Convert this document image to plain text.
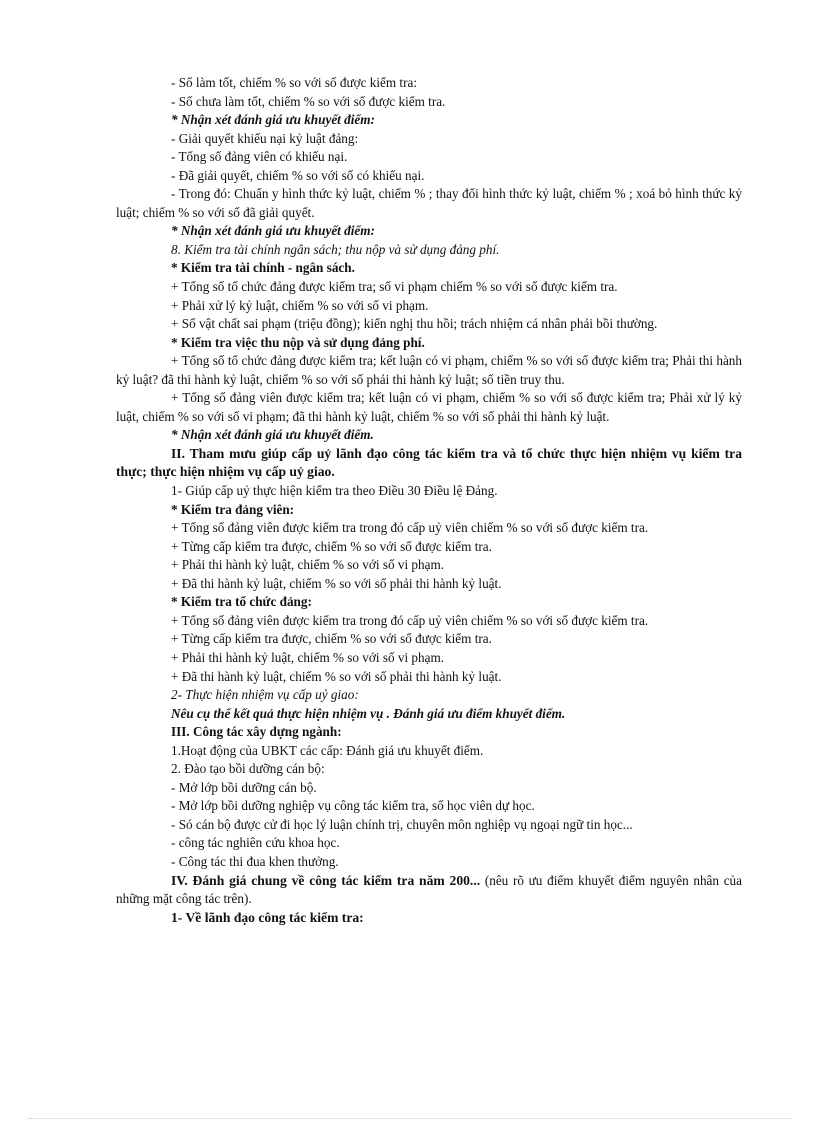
- Số làm tốt, chiếm % so với số được kiểm tra:

- Số chưa làm tốt, chiếm % so với số được kiểm tra.

* Nhận xét đánh giá ưu khuyết điểm:

- Giải quyết khiếu nại kỷ luật đảng:

- Tổng số đảng viên có khiếu nại.

- Đã giải quyết, chiếm % so với số có khiếu nại.

- Trong đó: Chuẩn y hình thức kỷ luật, chiếm % ; thay đổi hình thức kỷ luật, chiếm % ; xoá bỏ hình thức kỷ luật; chiếm % so với số đã giải quyết.

* Nhận xét đánh giá ưu khuyết điểm:

8. Kiểm tra tài chính ngân sách; thu nộp và sử dụng đảng phí.

* Kiểm tra tài chính - ngân sách.

+ Tổng số tổ chức đảng được kiểm tra; số vi phạm chiếm % so với số được kiểm tra.

+ Phải xử lý kỷ luật, chiếm % so với số vi phạm.

+ Số vật chất sai phạm (triệu đồng); kiến nghị thu hồi; trách nhiệm cá nhân phải bồi thường.

* Kiểm tra việc thu nộp và sử dụng đảng phí.

+ Tổng số tổ chức đảng được kiểm tra; kết luận có vi phạm, chiếm % so với số được kiểm tra; Phải thi hành kỷ luật? đã thi hành kỷ luật, chiếm % so với số phải thi hành kỷ luật; số tiền truy thu.

+ Tổng số đảng viên được kiểm tra; kết luận có vi phạm, chiếm % so với số được kiểm tra; Phải xử lý kỷ luật, chiếm % so với số vi phạm; đã thi hành kỷ luật, chiếm % so với số phải thi hành kỷ luật.

* Nhận xét đánh giá ưu khuyết điểm.

II. Tham mưu giúp cấp uỷ lãnh đạo công tác kiểm tra và tổ chức thực hiện nhiệm vụ kiểm tra thực; thực hiện nhiệm vụ cấp uỷ giao.

1- Giúp cấp uỷ thực hiện kiểm tra theo Điều 30 Điều lệ Đảng.

* Kiểm tra đảng viên:

+ Tổng số đảng viên được kiểm tra trong đó cấp uỷ viên chiếm % so với số được kiểm tra.

+ Từng cấp kiểm tra được, chiếm % so với số được kiểm tra.

+ Phải thi hành kỷ luật, chiếm % so với số vi phạm.

+ Đã thi hành kỷ luật, chiếm % so với số phải thi hành kỷ luật.

* Kiểm tra tổ chức đảng:

+ Tổng số đảng viên được kiểm tra trong đó cấp uỷ viên chiếm % so với số được kiểm tra.

+ Từng cấp kiểm tra được, chiếm % so với số được kiểm tra.

+ Phải thi hành kỷ luật, chiếm % so với số vi phạm.

+ Đã thi hành kỷ luật, chiếm % so với số phải thi hành kỷ luật.

2- Thực hiện nhiệm vụ cấp uỷ giao:

Nêu cụ thể kết quả thực hiện nhiệm vụ . Đánh giá ưu điểm khuyết điểm.

III. Công tác xây dựng ngành:

1.Hoạt động của UBKT các cấp: Đánh giá ưu khuyết điểm.

2. Đào tạo bồi dưỡng cán bộ:

- Mở lớp bồi dưỡng cán bộ.

- Mở lớp bồi dưỡng nghiệp vụ công tác kiểm tra, số học viên dự học.

- Só cán bộ được cử đi học lý luận chính trị, chuyên môn nghiệp vụ ngoại ngữ tin học...

- công tác nghiên cứu khoa học.

- Công tác thi đua khen thưởng.

IV. Đánh giá chung về công tác kiểm tra năm 200... (nêu rõ ưu điểm khuyết điểm nguyên nhân của những mặt công tác trên).

1- Về lãnh đạo công tác kiểm tra:
